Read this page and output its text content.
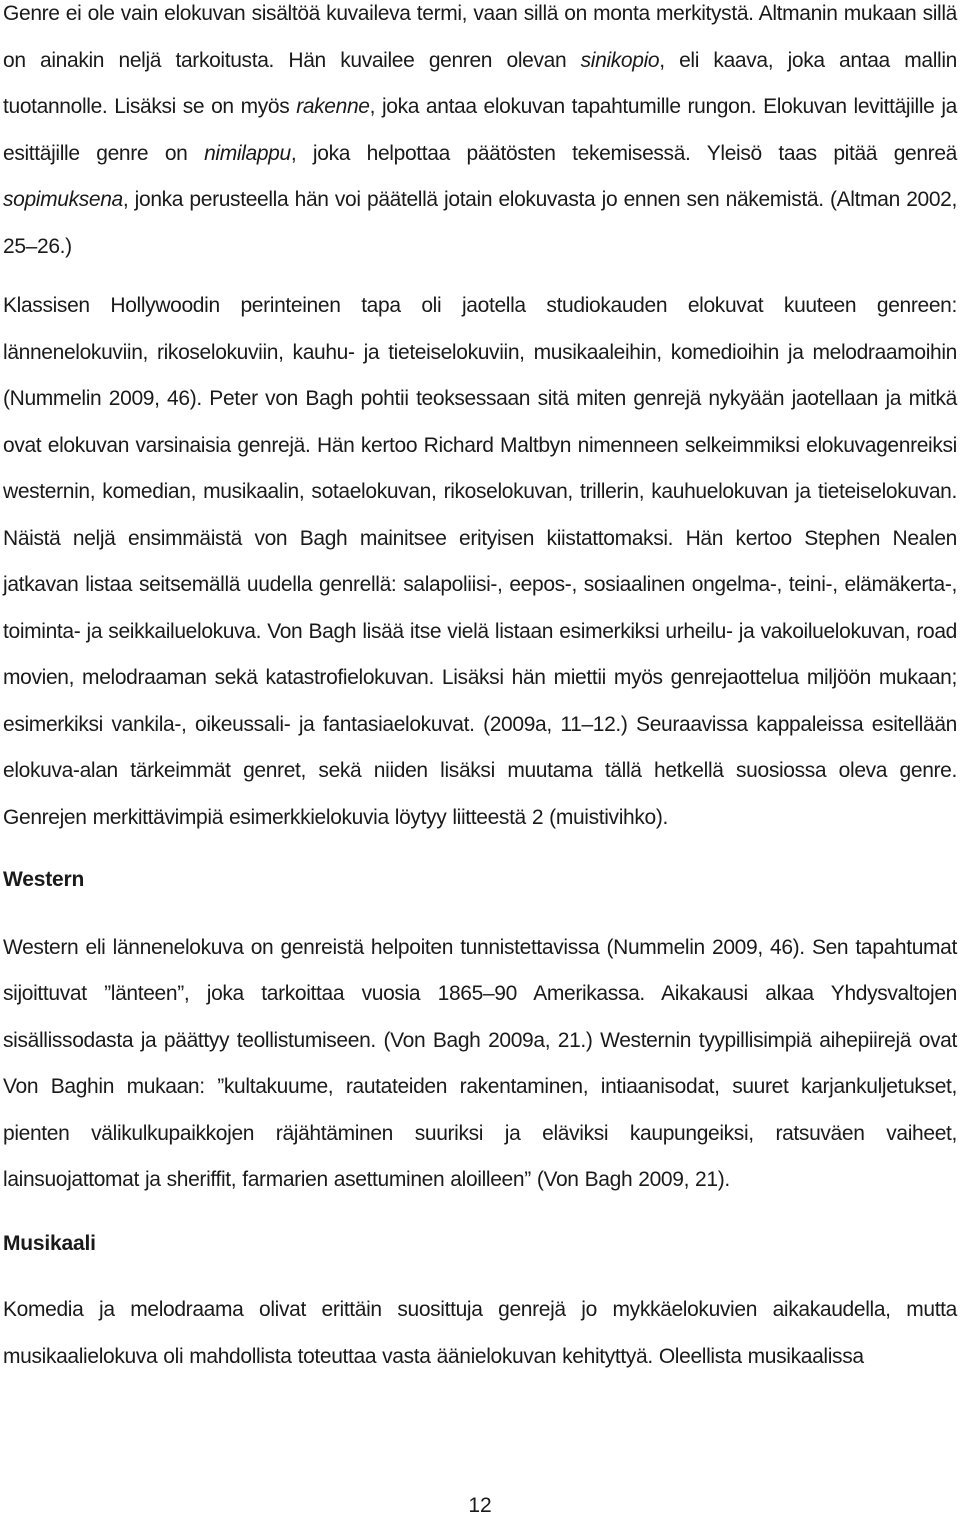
Genre ei ole vain elokuvan sisältöä kuvaileva termi, vaan sillä on monta merkitystä. Altmanin mukaan sillä on ainakin neljä tarkoitusta. Hän kuvailee genren olevan sinikopio, eli kaava, joka antaa mallin tuotannolle. Lisäksi se on myös rakenne, joka antaa elokuvan tapahtumille rungon. Elokuvan levittäjille ja esittäjille genre on nimilappu, joka helpottaa päätösten tekemisessä. Yleisö taas pitää genreä sopimuksena, jonka perusteella hän voi päätellä jotain elokuvasta jo ennen sen näkemistä. (Altman 2002, 25–26.)

Klassisen Hollywoodin perinteinen tapa oli jaotella studiokauden elokuvat kuuteen genreen: lännenelokuviin, rikoselokuviin, kauhu- ja tieteiselokuviin, musikaaleihin, komedioihin ja melodraamoihin (Nummelin 2009, 46). Peter von Bagh pohtii teoksessaan sitä miten genrejä nykyään jaotellaan ja mitkä ovat elokuvan varsinaisia genrejä. Hän kertoo Richard Maltbyn nimenneen selkeimmiksi elokuvagenreiksi westernin, komedian, musikaalin, sotaelokuvan, rikoselokuvan, trillerin, kauhuelokuvan ja tieteiselokuvan. Näistä neljä ensimmäistä von Bagh mainitsee erityisen kiistattomaksi. Hän kertoo Stephen Nealen jatkavan listaa seitsemällä uudella genrellä: salapoliisi-, eepos-, sosiaalinen ongelma-, teini-, elämäkerta-, toiminta- ja seikkailuelokuva. Von Bagh lisää itse vielä listaan esimerkiksi urheilu- ja vakoiluelokuvan, road movien, melodraaman sekä katastrofielokuvan. Lisäksi hän miettii myös genrejaottelua miljöön mukaan; esimerkiksi vankila-, oikeussali- ja fantasiaelokuvat. (2009a, 11–12.) Seuraavissa kappaleissa esitellään elokuva-alan tärkeimmät genret, sekä niiden lisäksi muutama tällä hetkellä suosiossa oleva genre. Genrejen merkittävimpiä esimerkkielokuvia löytyy liitteestä 2 (muistivihko).

Western

Western eli lännenelokuva on genreistä helpoiten tunnistettavissa (Nummelin 2009, 46). Sen tapahtumat sijoittuvat ”länteen”, joka tarkoittaa vuosia 1865–90 Amerikassa. Aikakausi alkaa Yhdysvaltojen sisällissodasta ja päättyy teollistumiseen. (Von Bagh 2009a, 21.) Westernin tyypillisimpiä aihepiirejä ovat Von Baghin mukaan: ”kultakuume, rautateiden rakentaminen, intiaanisodat, suuret karjankuljetukset, pienten välikulkupaikkojen räjähtäminen suuriksi ja eläviksi kaupungeiksi, ratsuväen vaiheet, lainsuojattomat ja sheriffit, farmarien asettuminen aloilleen” (Von Bagh 2009, 21).

Musikaali

Komedia ja melodraama olivat erittäin suosittuja genrejä jo mykkäelokuvien aikakaudella, mutta musikaalielokuva oli mahdollista toteuttaa vasta äänielokuvan kehityttyä. Oleellista musikaalissa

12
